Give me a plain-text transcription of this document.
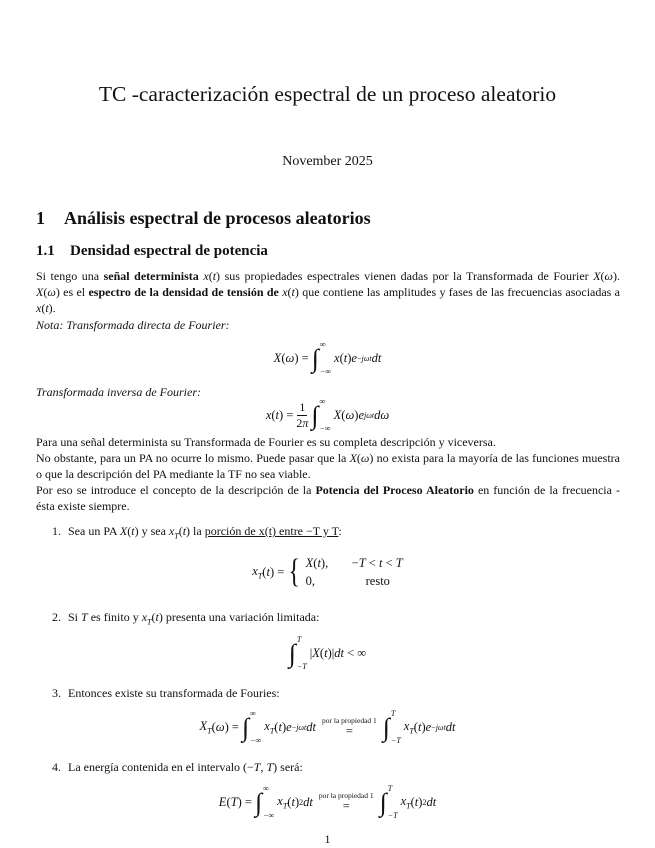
TC -caracterización espectral de un proceso aleatorio
November 2025
1 Análisis espectral de procesos aleatorios
1.1 Densidad espectral de potencia
Si tengo una señal determinista x(t) sus propiedades espectrales vienen dadas por la Transformada de Fourier X(ω). X(ω) es el espectro de la densidad de tensión de x(t) que contiene las amplitudes y fases de las frecuencias asociadas a x(t).
Nota: Transformada directa de Fourier:
X ( ω ) = ∫ ∞
−∞
x ( t ) e −jωt dt
Transformada inversa de Fourier:
x ( t ) = $\frac{1}{2\pi}$ ∫ ∞
−∞
X ( ω ) e jωt dω
Para una señal determinista su Transformada de Fourier es su completa descripción y viceversa.
No obstante, para un PA no ocurre lo mismo. Puede pasar que la X(ω) no exista para la mayoría de las funciones muestra o que la descripción del PA mediante la TF no sea viable.
Por eso se introduce el concepto de la descripción de la Potencia del Proceso Aleatorio en función de la frecuencia - ésta existe siempre.
1. Sea un PA X(t) y sea $x_T(t)$ la porción de x(t) entre −T y T:
$x_T$ ( t ) = { X(t),	−T < t < T
0,	resto
2. Si T es finito y $x_T(t)$ presenta una variación limitada:
∫ T
−T
| X ( t )| dt < ∞
3. Entonces existe su transformada de Fouries:
$X_T$ ( ω ) = ∫ ∞
−∞
$x_T$ ( t ) e −jωt dt por la propiedad 1
= ∫ T
−T
$x_T$ ( t ) e −jωt dt
4. La energía contenida en el intervalo (−T, T) será:
E ( T ) = ∫ ∞
−∞
$x_T$ ( t ) 2 dt por la propiedad 1
= ∫ T
−T
$x_T$ ( t ) 2 dt
1
